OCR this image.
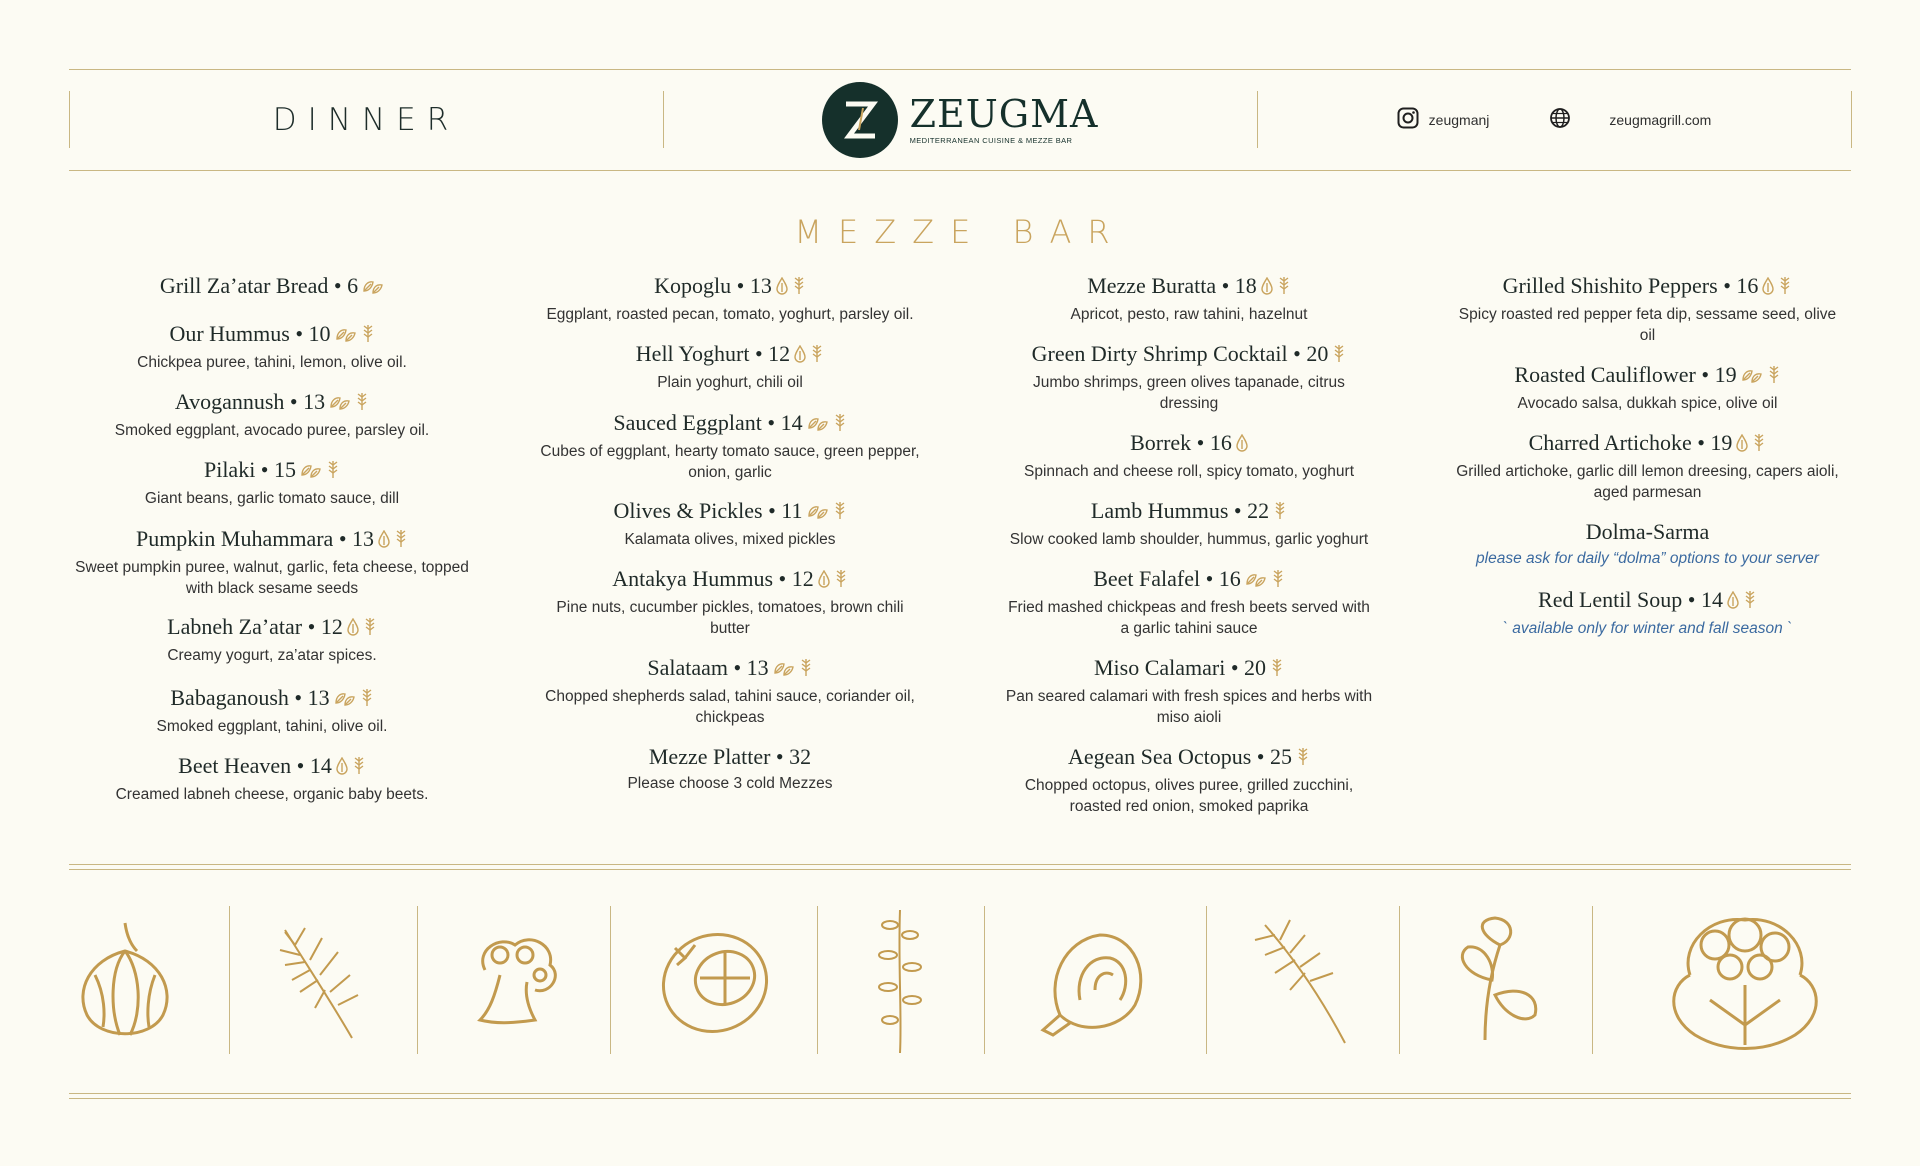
DINNER	ZEUGMA
MEDITERRANEAN CUISINE & MEZZE BAR
zeugmanj	zeugmagrill.com
MEZZE BAR
Grill Za’atar Bread • 6
Our Hummus • 10
Chickpea puree, tahini, lemon, olive oil.
Avogannush • 13
Smoked eggplant, avocado puree, parsley oil.
Pilaki • 15
Giant beans, garlic tomato sauce, dill
Pumpkin Muhammara • 13
Sweet pumpkin puree, walnut, garlic, feta cheese, topped with black sesame seeds
Labneh Za’atar • 12
Creamy yogurt, za’atar spices.
Babaganoush • 13
Smoked eggplant, tahini, olive oil.
Beet Heaven • 14
Creamed labneh cheese, organic baby beets.
Kopoglu • 13
Eggplant, roasted pecan, tomato, yoghurt, parsley oil.
Hell Yoghurt • 12
Plain yoghurt, chili oil
Sauced Eggplant • 14
Cubes of eggplant, hearty tomato sauce, green pepper, onion, garlic
Olives & Pickles • 11
Kalamata olives, mixed pickles
Antakya Hummus • 12
Pine nuts, cucumber pickles, tomatoes, brown chili butter
Salataam • 13
Chopped shepherds salad, tahini sauce, coriander oil, chickpeas
Mezze Platter • 32
Please choose 3 cold Mezzes
Mezze Buratta • 18
Apricot, pesto, raw tahini, hazelnut
Green Dirty Shrimp Cocktail • 20
Jumbo shrimps, green olives tapanade, citrus dressing
Borrek • 16
Spinnach and cheese roll, spicy tomato, yoghurt
Lamb Hummus • 22
Slow cooked lamb shoulder, hummus, garlic yoghurt
Beet Falafel • 16
Fried mashed chickpeas and fresh beets served with a garlic tahini sauce
Miso Calamari • 20
Pan seared calamari with fresh spices and herbs with miso aioli
Aegean Sea Octopus • 25
Chopped octopus, olives puree, grilled zucchini, roasted red onion, smoked paprika
Grilled Shishito Peppers • 16
Spicy roasted red pepper feta dip, sessame seed, olive oil
Roasted Cauliflower • 19
Avocado salsa, dukkah spice, olive oil
Charred Artichoke • 19
Grilled artichoke, garlic dill lemon dreesing, capers aioli, aged parmesan
Dolma-Sarma
please ask for daily “dolma” options to your server
Red Lentil Soup • 14
` available only for winter and fall season `
